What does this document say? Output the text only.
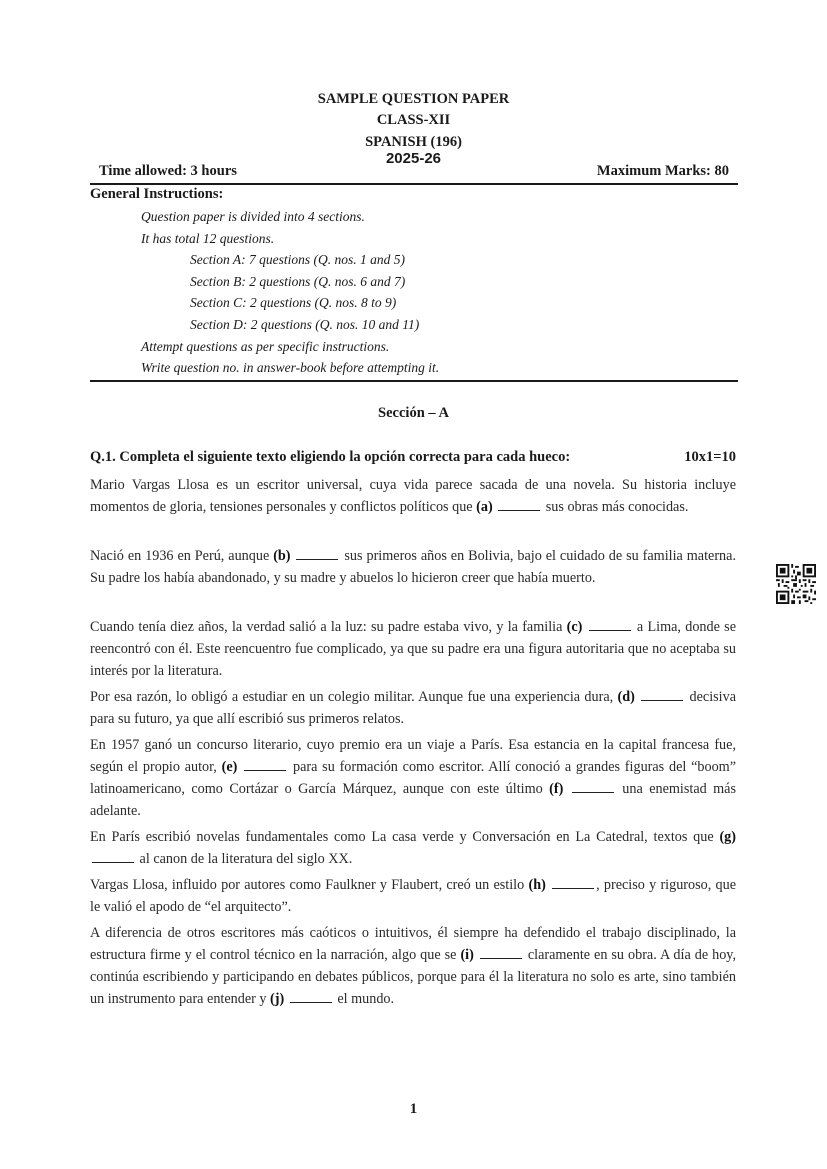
SAMPLE QUESTION PAPER
CLASS-XII
SPANISH (196)
2025-26
Time allowed: 3 hours	Maximum Marks: 80
General Instructions:
Question paper is divided into 4 sections.
It has total 12 questions.
Section A: 7 questions (Q. nos. 1 and 5)
Section B: 2 questions (Q. nos. 6 and 7)
Section C: 2 questions (Q. nos. 8 to 9)
Section D: 2 questions (Q. nos. 10 and 11)
Attempt questions as per specific instructions.
Write question no. in answer-book before attempting it.
Sección – A
Q.1. Completa el siguiente texto eligiendo la opción correcta para cada hueco:	10x1=10
Mario Vargas Llosa es un escritor universal, cuya vida parece sacada de una novela. Su historia incluye momentos de gloria, tensiones personales y conflictos políticos que (a)	sus obras más conocidas.
Nació en 1936 en Perú, aunque (b)	sus primeros años en Bolivia, bajo el cuidado de su familia materna. Su padre los había abandonado, y su madre y abuelos lo hicieron creer que había muerto.
Cuando tenía diez años, la verdad salió a la luz: su padre estaba vivo, y la familia (c)	a Lima, donde se reencontró con él. Este reencuentro fue complicado, ya que su padre era una figura autoritaria que no aceptaba su interés por la literatura.
Por esa razón, lo obligó a estudiar en un colegio militar. Aunque fue una experiencia dura, (d)	decisiva para su futuro, ya que allí escribió sus primeros relatos.
En 1957 ganó un concurso literario, cuyo premio era un viaje a París. Esa estancia en la capital francesa fue, según el propio autor, (e)	para su formación como escritor. Allí conoció a grandes figuras del “boom” latinoamericano, como Cortázar o García Márquez, aunque con este último (f)	una enemistad más adelante.
En París escribió novelas fundamentales como La casa verde y Conversación en La Catedral, textos que (g)  al canon de la literatura del siglo XX.
Vargas Llosa, influido por autores como Faulkner y Flaubert, creó un estilo (h)	, preciso y riguroso, que le valió el apodo de “el arquitecto”.
A diferencia de otros escritores más caóticos o intuitivos, él siempre ha defendido el trabajo disciplinado, la estructura firme y el control técnico en la narración, algo que se (i)	claramente en su obra. A día de hoy, continúa escribiendo y participando en debates públicos, porque para él la literatura no solo es arte, sino también un instrumento para entender y (j)	el mundo.
1
